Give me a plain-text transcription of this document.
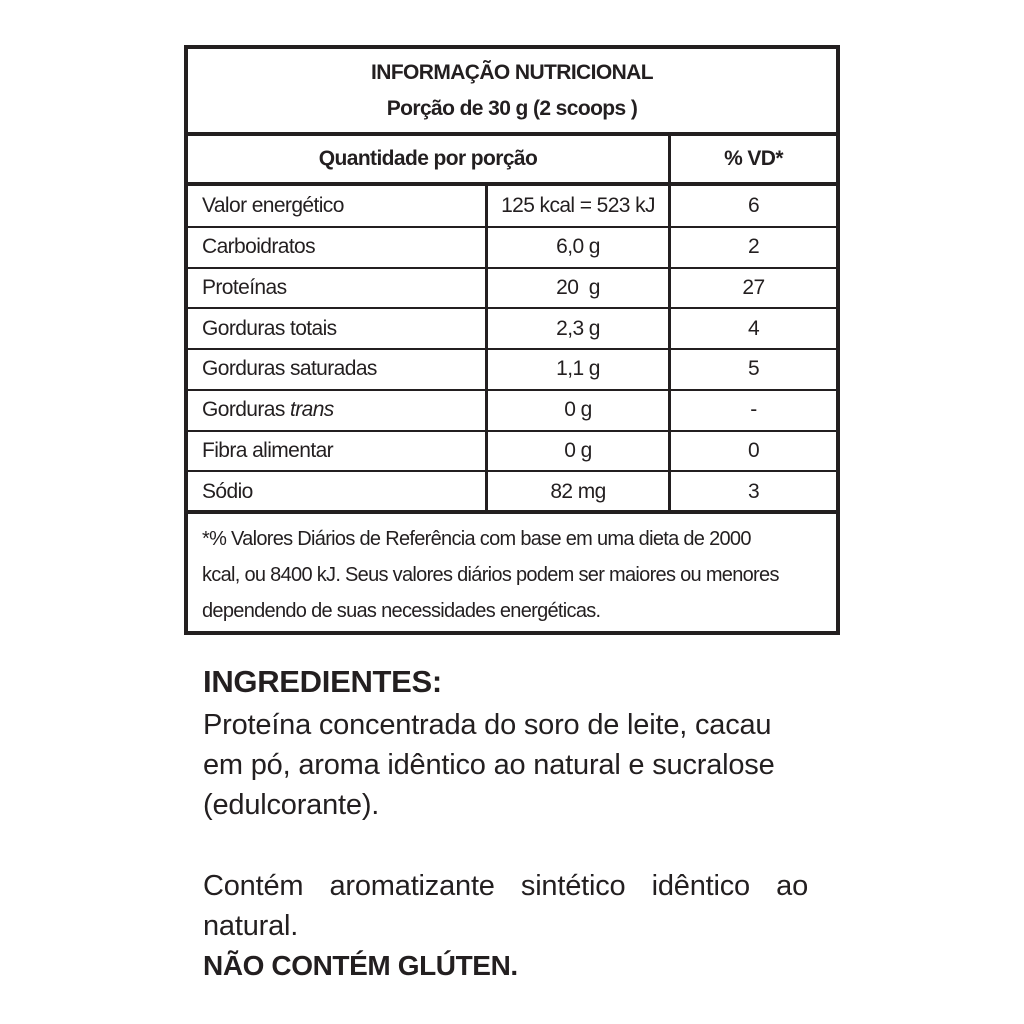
INFORMAÇÃO NUTRICIONAL
Porção de 30 g (2 scoops )
Quantidade por porção	% VD*
Valor energético	125 kcal = 523 kJ	6
Carboidratos	6,0 g	2
Proteínas	20  g	27
Gorduras totais	2,3 g	4
Gorduras saturadas	1,1 g	5
Gorduras trans	0 g	-
Fibra alimentar	0 g	0
Sódio	82 mg	3
*% Valores Diários de Referência com base em uma dieta de 2000
kcal, ou 8400 kJ. Seus valores diários podem ser maiores ou menores
dependendo de suas necessidades energéticas.
INGREDIENTES:
Proteína concentrada do soro de leite, cacau
em pó, aroma idêntico ao natural e sucralose
(edulcorante).
Contém aromatizante sintético idêntico ao natural.
NÃO CONTÉM GLÚTEN.
